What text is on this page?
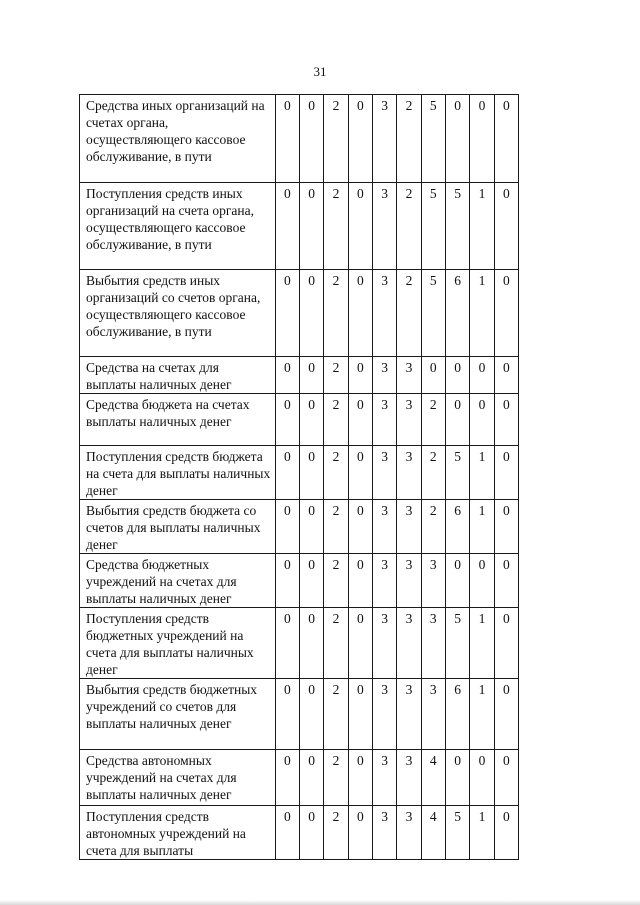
31
Средства иных организаций на счетах органа, осуществляющего кассовое обслуживание, в пути	0	0	2	0	3	2	5	0	0	0
Поступления средств иных организаций на счета органа, осуществляющего кассовое обслуживание, в пути	0	0	2	0	3	2	5	5	1	0
Выбытия средств иных организаций со счетов органа, осуществляющего кассовое обслуживание, в пути	0	0	2	0	3	2	5	6	1	0
Средства на счетах для выплаты наличных денег	0	0	2	0	3	3	0	0	0	0
Средства бюджета на счетах выплаты наличных денег	0	0	2	0	3	3	2	0	0	0
Поступления средств бюджета на счета для выплаты наличных денег	0	0	2	0	3	3	2	5	1	0
Выбытия средств бюджета со счетов для выплаты наличных денег	0	0	2	0	3	3	2	6	1	0
Средства бюджетных учреждений на счетах для выплаты наличных денег	0	0	2	0	3	3	3	0	0	0
Поступления средств бюджетных учреждений на счета для выплаты наличных денег	0	0	2	0	3	3	3	5	1	0
Выбытия средств бюджетных учреждений со счетов для выплаты наличных денег	0	0	2	0	3	3	3	6	1	0
Средства автономных учреждений на счетах для выплаты наличных денег	0	0	2	0	3	3	4	0	0	0
Поступления средств автономных учреждений на счета для выплаты	0	0	2	0	3	3	4	5	1	0
